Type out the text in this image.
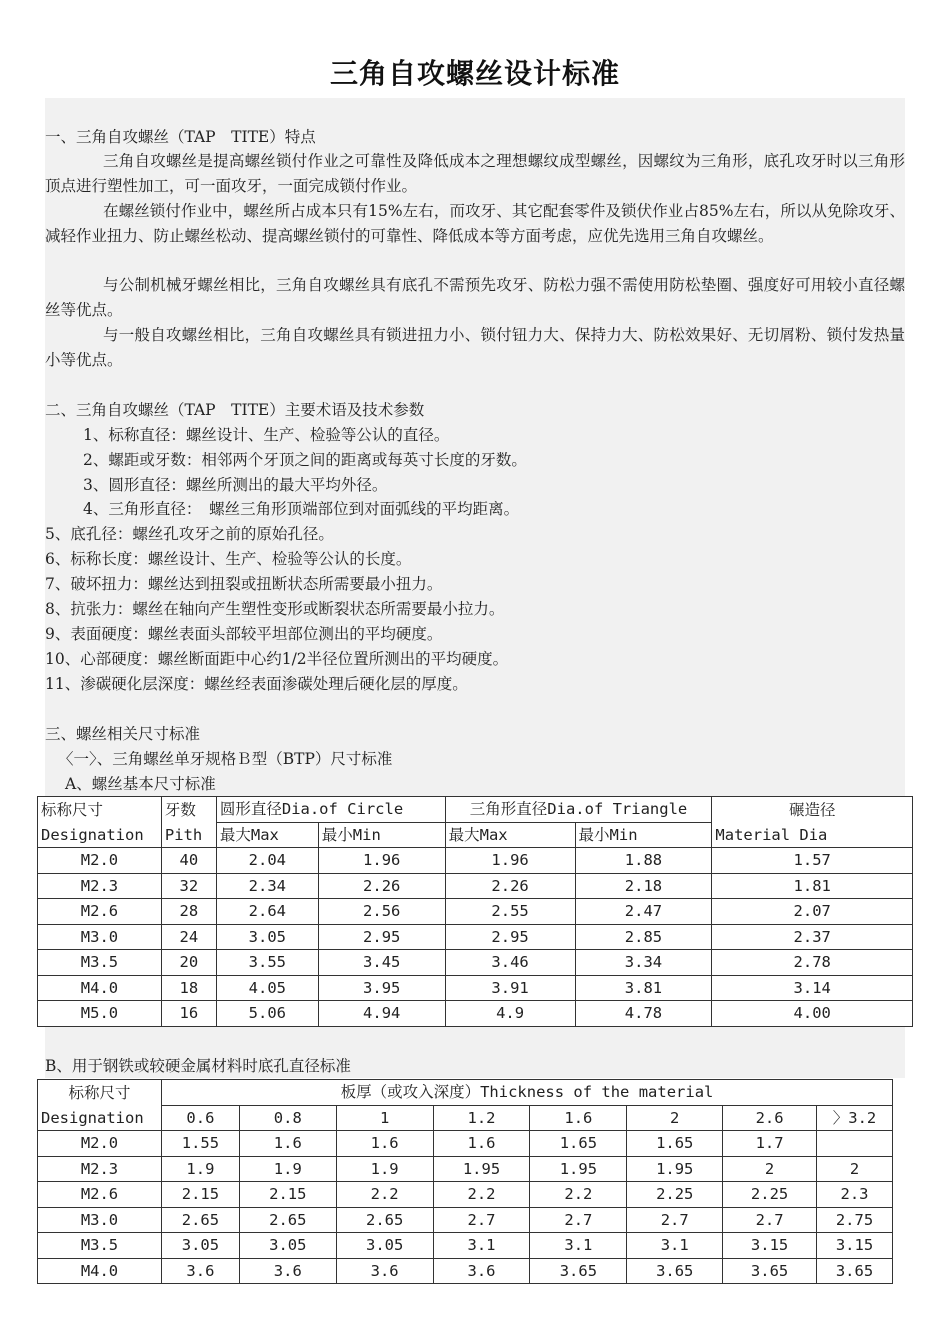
三角自攻螺丝设计标准
一、三角自攻螺丝（TAP　TITE）特点
三角自攻螺丝是提高螺丝锁付作业之可靠性及降低成本之理想螺纹成型螺丝，因螺纹为三角形，底孔攻牙时以三角形顶点进行塑性加工，可一面攻牙，一面完成锁付作业。
在螺丝锁付作业中，螺丝所占成本只有15%左右，而攻牙、其它配套零件及锁伏作业占85%左右，所以从免除攻牙、减轻作业扭力、防止螺丝松动、提高螺丝锁付的可靠性、降低成本等方面考虑，应优先选用三角自攻螺丝。
与公制机械牙螺丝相比，三角自攻螺丝具有底孔不需预先攻牙、防松力强不需使用防松垫圈、强度好可用较小直径螺丝等优点。
与一般自攻螺丝相比，三角自攻螺丝具有锁进扭力小、锁付钮力大、保持力大、防松效果好、无切屑粉、锁付发热量小等优点。
二、三角自攻螺丝（TAP　TITE）主要术语及技术参数
1、标称直径：螺丝设计、生产、检验等公认的直径。
2、螺距或牙数：相邻两个牙顶之间的距离或每英寸长度的牙数。
3、圆形直径：螺丝所测出的最大平均外径。
4、三角形直径：　螺丝三角形顶端部位到对面弧线的平均距离。
5、底孔径：螺丝孔攻牙之前的原始孔径。
6、标称长度：螺丝设计、生产、检验等公认的长度。
7、破坏扭力：螺丝达到扭裂或扭断状态所需要最小扭力。
8、抗张力：螺丝在轴向产生塑性变形或断裂状态所需要最小拉力。
9、表面硬度：螺丝表面头部较平坦部位测出的平均硬度。
10、心部硬度：螺丝断面距中心约1/2半径位置所测出的平均硬度。
11、渗碳硬化层深度：螺丝经表面渗碳处理后硬化层的厚度。
三、螺丝相关尺寸标准
〈一〉、三角螺丝单牙规格Ｂ型（BTP）尺寸标准
A、螺丝基本尺寸标准
标称尺寸	牙数	圆形直径Dia.of Circle		三角形直径Dia.of Triangle		碾造径
Designation	Pith	最大Max	最小Min	最大Max	最小Min	Material Dia
M2.0	40	2.04	1.96	1.96	1.88	1.57
M2.3	32	2.34	2.26	2.26	2.18	1.81
M2.6	28	2.64	2.56	2.55	2.47	2.07
M3.0	24	3.05	2.95	2.95	2.85	2.37
M3.5	20	3.55	3.45	3.46	3.34	2.78
M4.0	18	4.05	3.95	3.91	3.81	3.14
M5.0	16	5.06	4.94	4.9	4.78	4.00
B、用于钢铁或较硬金属材料时底孔直径标准
标称尺寸	板厚（或攻入深度）Thickness of the material							
Designation	0.6	0.8	1	1.2	1.6	2	2.6	〉3.2
M2.0	1.55	1.6	1.6	1.6	1.65	1.65	1.7	
M2.3	1.9	1.9	1.9	1.95	1.95	1.95	2	2
M2.6	2.15	2.15	2.2	2.2	2.2	2.25	2.25	2.3
M3.0	2.65	2.65	2.65	2.7	2.7	2.7	2.7	2.75
M3.5	3.05	3.05	3.05	3.1	3.1	3.1	3.15	3.15
M4.0	3.6	3.6	3.6	3.6	3.65	3.65	3.65	3.65
